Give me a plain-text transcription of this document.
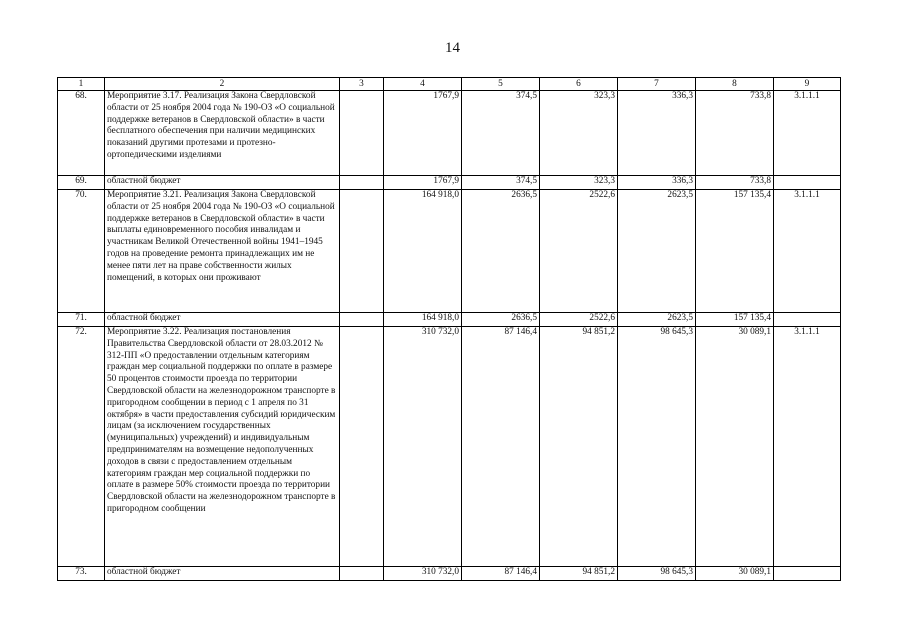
14
1	2	3	4	5	6	7	8	9
68.	Мероприятие 3.17. Реализация Закона Свердловской области от 25 ноября 2004 года № 190-ОЗ «О социальной поддержке ветеранов в Свердловской области» в части бесплатного обеспечения при наличии медицинских показаний другими протезами и протезно-ортопедическими изделиями		1767,9	374,5	323,3	336,3	733,8	3.1.1.1
69.	областной бюджет		1767,9	374,5	323,3	336,3	733,8	
70.	Мероприятие 3.21. Реализация Закона Свердловской области от 25 ноября 2004 года № 190-ОЗ «О социальной поддержке ветеранов в Свердловской области» в части выплаты единовременного пособия инвалидам и участникам Великой Отечественной войны 1941–1945 годов на проведение ремонта принадлежащих им не менее пяти лет на праве собственности жилых помещений, в которых они проживают		164 918,0	2636,5	2522,6	2623,5	157 135,4	3.1.1.1
71.	областной бюджет		164 918,0	2636,5	2522,6	2623,5	157 135,4	
72.	Мероприятие 3.22. Реализация постановления Правительства Свердловской области от 28.03.2012 № 312-ПП «О предоставлении отдельным категориям граждан мер социальной поддержки по оплате в размере 50 процентов стоимости проезда по территории Свердловской области на железнодорожном транспорте в пригородном сообщении в период с 1 апреля по 31 октября» в части предоставления субсидий юридическим лицам (за исключением государственных (муниципальных) учреждений) и индивидуальным предпринимателям на возмещение недополученных доходов в связи с предоставлением отдельным категориям граждан мер социальной поддержки по оплате в размере 50% стоимости проезда по территории Свердловской области на железнодорожном транспорте в пригородном сообщении		310 732,0	87 146,4	94 851,2	98 645,3	30 089,1	3.1.1.1
73.	областной бюджет		310 732,0	87 146,4	94 851,2	98 645,3	30 089,1	
